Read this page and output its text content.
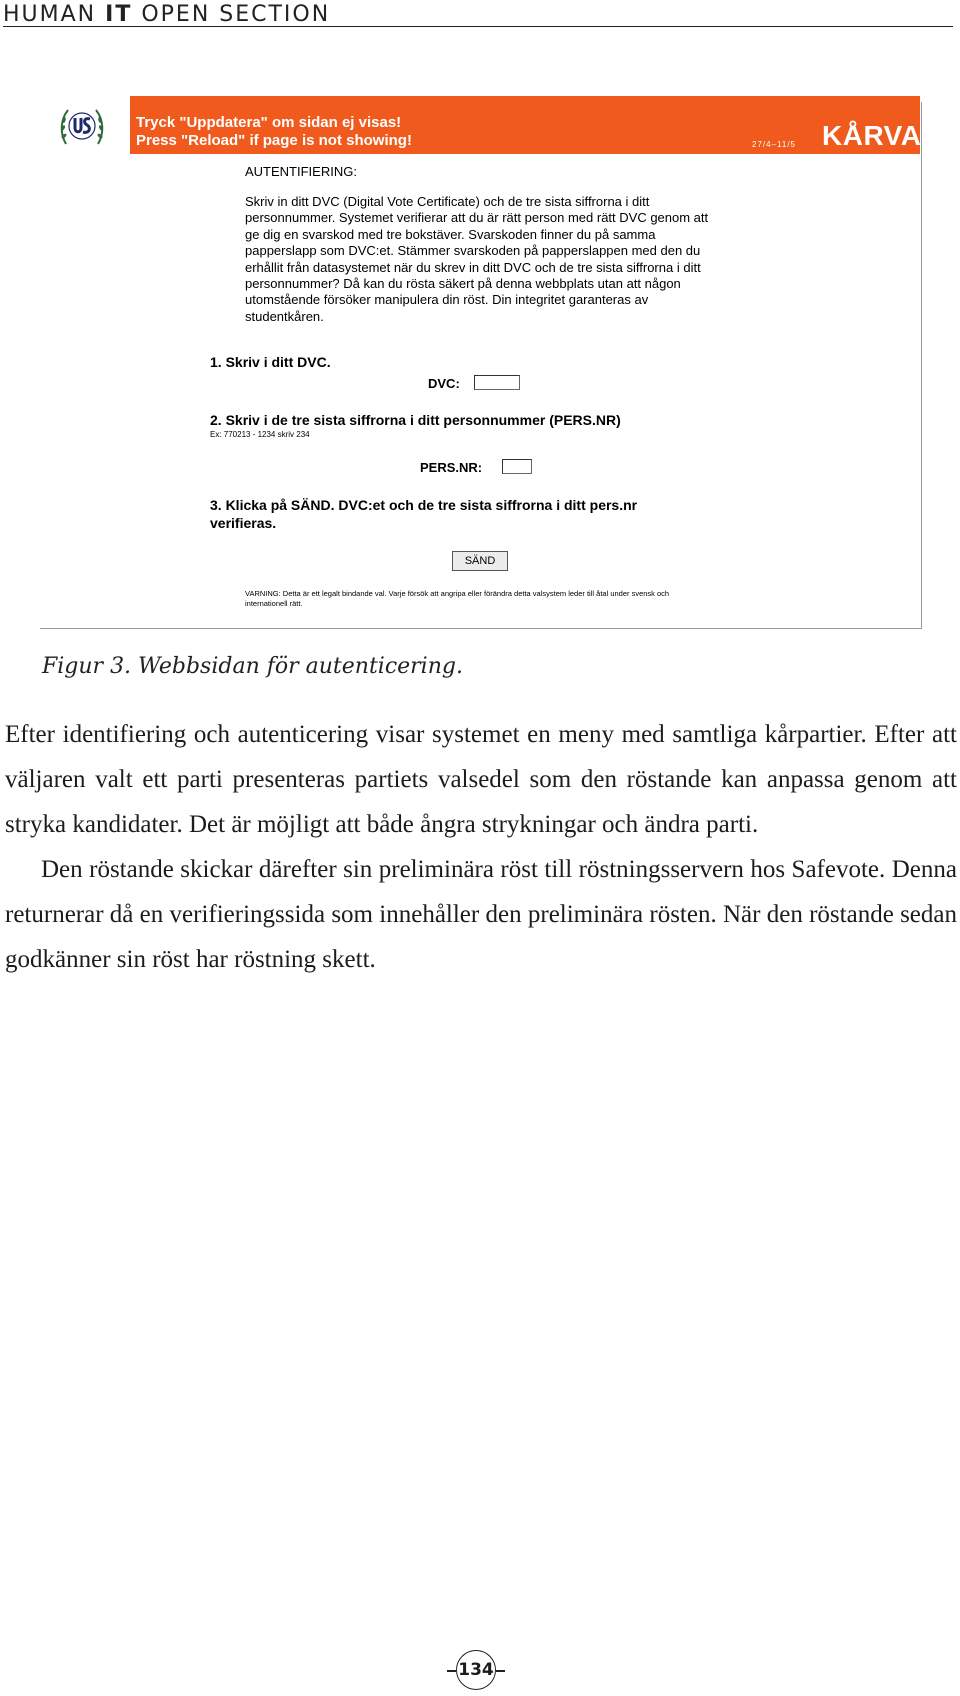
HUMAN IT OPEN SECTION
Tryck "Uppdatera" om sidan ej visas!
Press "Reload" if page is not showing!	27/4–11/5 KÅRVAL
AUTENTIFIERING:
Skriv in ditt DVC (Digital Vote Certificate) och de tre sista siffrorna i ditt personnummer. Systemet verifierar att du är rätt person med rätt DVC genom att ge dig en svarskod med tre bokstäver. Svarskoden finner du på samma papperslapp som DVC:et. Stämmer svarskoden på papperslappen med den du erhållit från datasystemet när du skrev in ditt DVC och de tre sista siffrorna i ditt personnummer? Då kan du rösta säkert på denna webbplats utan att någon utomstående försöker manipulera din röst. Din integritet garanteras av studentkåren.
1. Skriv i ditt DVC.
DVC:
2. Skriv i de tre sista siffrorna i ditt personnummer (PERS.NR)
Ex: 770213 - 1234 skriv 234
PERS.NR:
3. Klicka på SÄND. DVC:et och de tre sista siffrorna i ditt pers.nr verifieras.
SÄND
VARNING: Detta är ett legalt bindande val. Varje försök att angripa eller förändra detta valsystem leder till åtal under svensk och internationell rätt.
Figur 3. Webbsidan för autenticering.

Efter identifiering och autenticering visar systemet en meny med samtliga kårpartier. Efter att väljaren valt ett parti presenteras partiets valsedel som den röstande kan anpassa genom att stryka kandidater. Det är möjligt att både ångra strykningar och ändra parti.

Den röstande skickar därefter sin preliminära röst till röstningsservern hos Safevote. Denna returnerar då en verifieringssida som innehåller den preliminära rösten. När den röstande sedan godkänner sin röst har röstning skett.

134
